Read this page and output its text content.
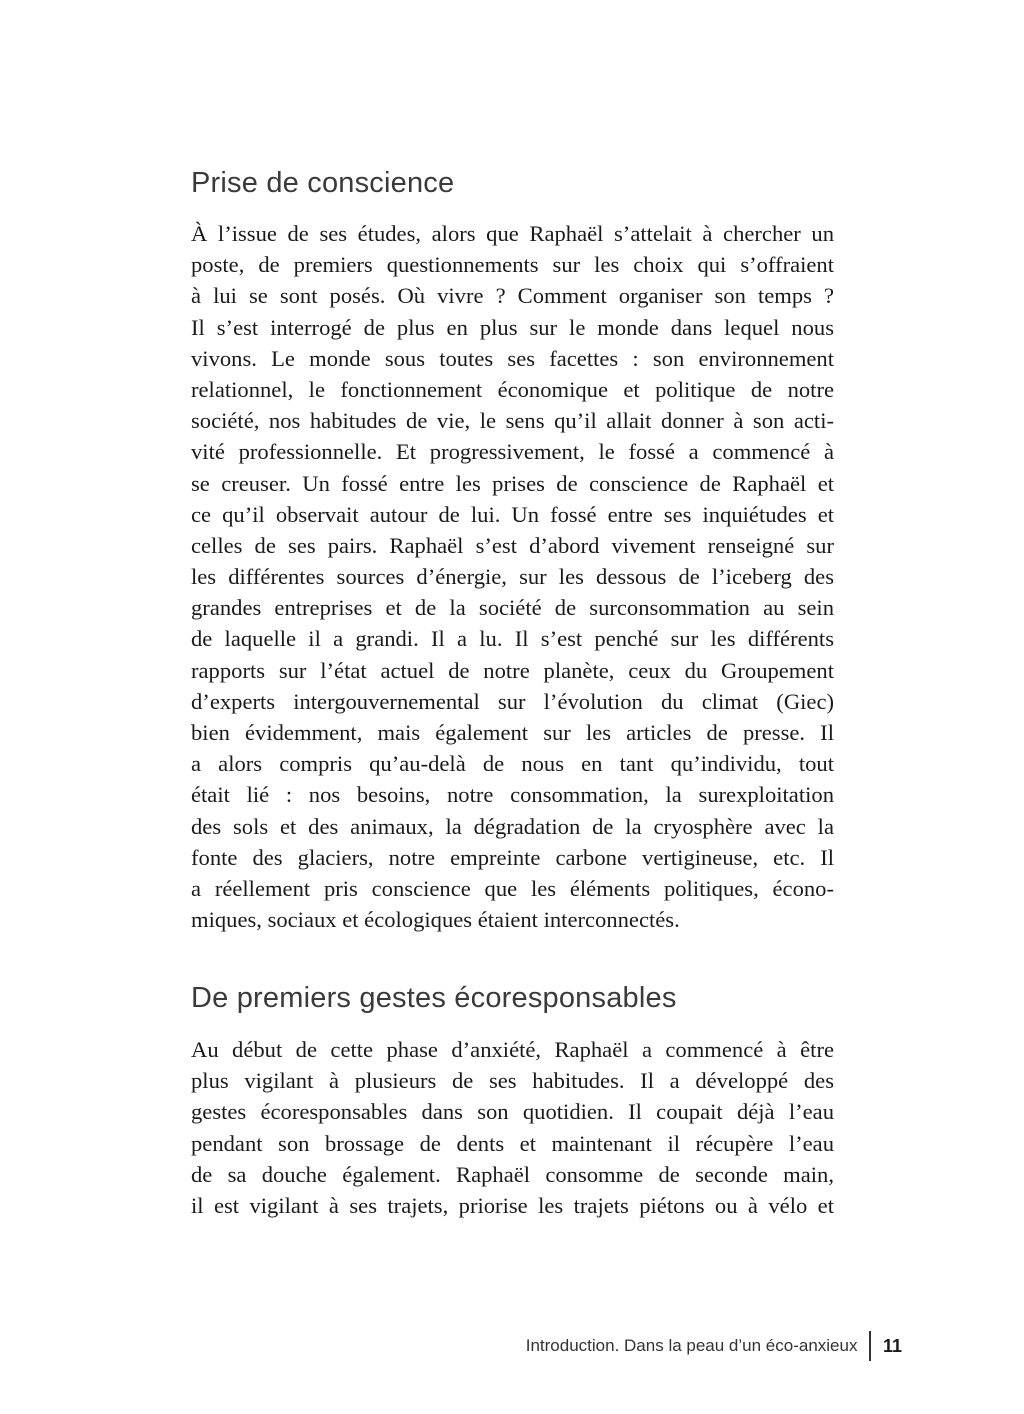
Prise de conscience
À l’issue de ses études, alors que Raphaël s’attelait à chercher un
poste, de premiers questionnements sur les choix qui s’offraient
à lui se sont posés. Où vivre ? Comment organiser son temps ?
Il s’est interrogé de plus en plus sur le monde dans lequel nous
vivons. Le monde sous toutes ses facettes : son environnement
relationnel, le fonctionnement économique et politique de notre
société, nos habitudes de vie, le sens qu’il allait donner à son acti-
vité professionnelle. Et progressivement, le fossé a commencé à
se creuser. Un fossé entre les prises de conscience de Raphaël et
ce qu’il observait autour de lui. Un fossé entre ses inquiétudes et
celles de ses pairs. Raphaël s’est d’abord vivement renseigné sur
les différentes sources d’énergie, sur les dessous de l’iceberg des
grandes entreprises et de la société de surconsommation au sein
de laquelle il a grandi. Il a lu. Il s’est penché sur les différents
rapports sur l’état actuel de notre planète, ceux du Groupement
d’experts intergouvernemental sur l’évolution du climat (Giec)
bien évidemment, mais également sur les articles de presse. Il
a alors compris qu’au-delà de nous en tant qu’individu, tout
était lié : nos besoins, notre consommation, la surexploitation
des sols et des animaux, la dégradation de la cryosphère avec la
fonte des glaciers, notre empreinte carbone vertigineuse, etc. Il
a réellement pris conscience que les éléments politiques, écono-
miques, sociaux et écologiques étaient interconnectés.
De premiers gestes écoresponsables
Au début de cette phase d’anxiété, Raphaël a commencé à être
plus vigilant à plusieurs de ses habitudes. Il a développé des
gestes écoresponsables dans son quotidien. Il coupait déjà l’eau
pendant son brossage de dents et maintenant il récupère l’eau
de sa douche également. Raphaël consomme de seconde main,
il est vigilant à ses trajets, priorise les trajets piétons ou à vélo et
Introduction. Dans la peau d’un éco-anxieux 11
